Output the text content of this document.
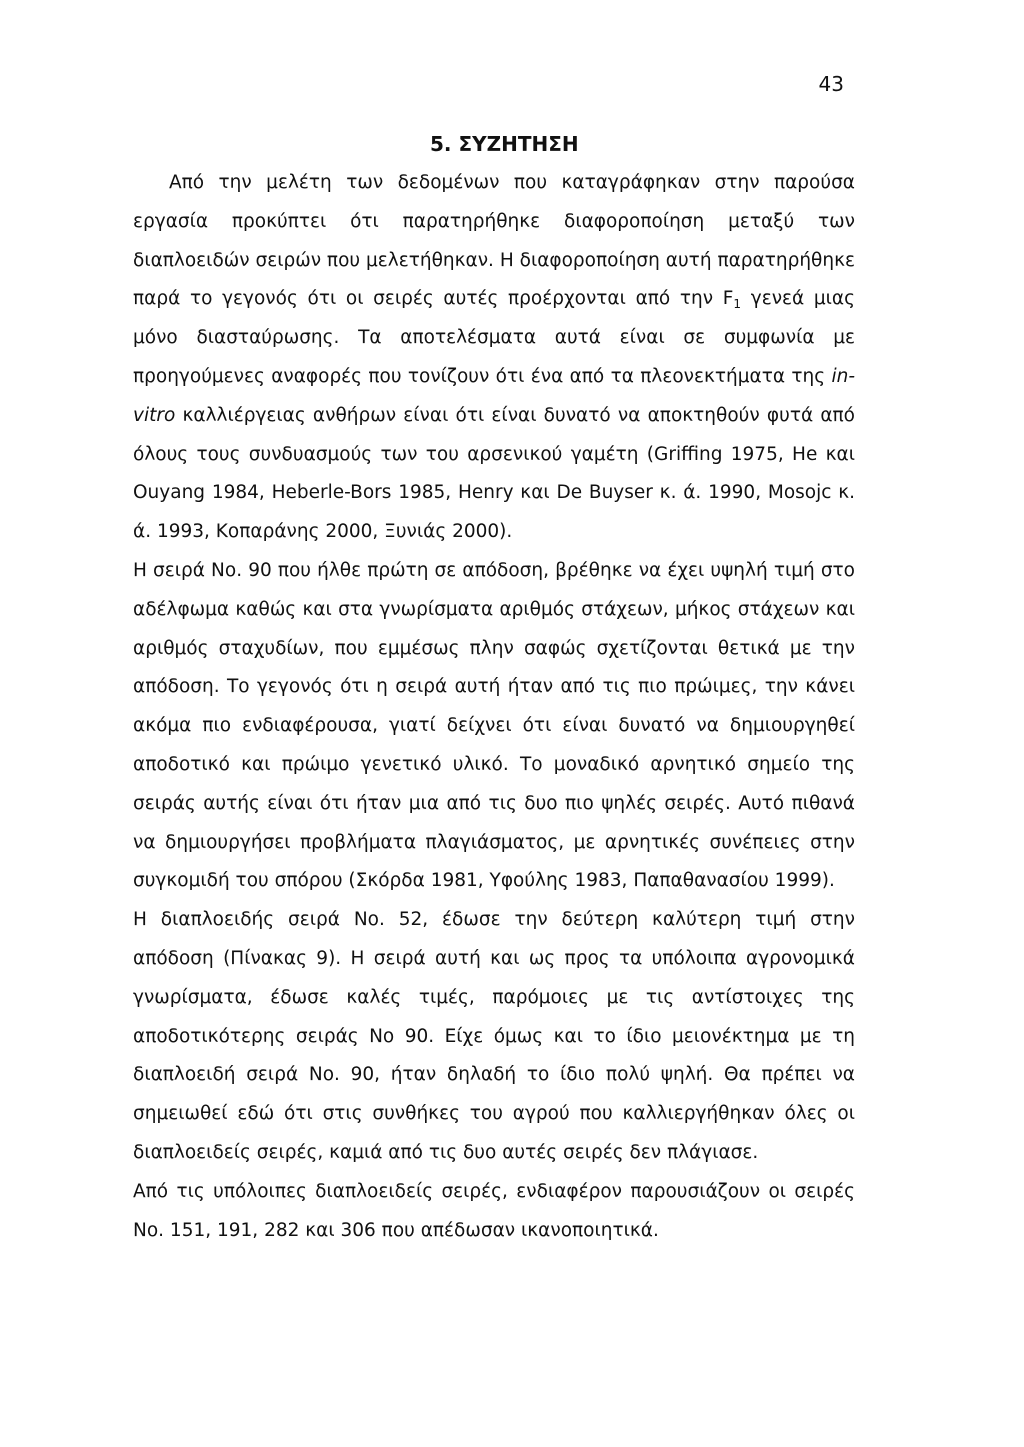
43
5. ΣΥΖΗΤΗΣΗ

Από την μελέτη των δεδομένων που καταγράφηκαν στην παρούσα εργασία προκύπτει ότι παρατηρήθηκε διαφοροποίηση μεταξύ των διαπλοειδών σειρών που μελετήθηκαν. Η διαφοροποίηση αυτή παρατηρήθηκε παρά το γεγονός ότι οι σειρές αυτές προέρχονται από την $F_1$ γενεά μιας μόνο διασταύρωσης. Τα αποτελέσματα αυτά είναι σε συμφωνία με προηγούμενες αναφορές που τονίζουν ότι ένα από τα πλεονεκτήματα της in-vitro καλλιέργειας ανθήρων είναι ότι είναι δυνατό να αποκτηθούν φυτά από όλους τους συνδυασμούς των του αρσενικού γαμέτη (Griffing 1975, He και Ouyang 1984, Heberle-Bors 1985, Henry και De Buyser κ. ά. 1990, Mosojc κ. ά. 1993, Κοπαράνης 2000, Ξυνιάς 2000).

Η σειρά Νο. 90 που ήλθε πρώτη σε απόδοση, βρέθηκε να έχει υψηλή τιμή στο αδέλφωμα καθώς και στα γνωρίσματα αριθμός στάχεων, μήκος στάχεων και αριθμός σταχυδίων, που εμμέσως πλην σαφώς σχετίζονται θετικά με την απόδοση. Το γεγονός ότι η σειρά αυτή ήταν από τις πιο πρώιμες, την κάνει ακόμα πιο ενδιαφέρουσα, γιατί δείχνει ότι είναι δυνατό να δημιουργηθεί αποδοτικό και πρώιμο γενετικό υλικό. Το μοναδικό αρνητικό σημείο της σειράς αυτής είναι ότι ήταν μια από τις δυο πιο ψηλές σειρές. Αυτό πιθανά να δημιουργήσει προβλήματα πλαγιάσματος, με αρνητικές συνέπειες στην συγκομιδή του σπόρου (Σκόρδα 1981, Υφούλης 1983, Παπαθανασίου 1999).

Η διαπλοειδής σειρά Νο. 52, έδωσε την δεύτερη καλύτερη τιμή στην απόδοση (Πίνακας 9). Η σειρά αυτή και ως προς τα υπόλοιπα αγρονομικά γνωρίσματα, έδωσε καλές τιμές, παρόμοιες με τις αντίστοιχες της αποδοτικότερης σειράς Νο 90. Είχε όμως και το ίδιο μειονέκτημα με τη διαπλοειδή σειρά Νο. 90, ήταν δηλαδή το ίδιο πολύ ψηλή. Θα πρέπει να σημειωθεί εδώ ότι στις συνθήκες του αγρού που καλλιεργήθηκαν όλες οι διαπλοειδείς σειρές, καμιά από τις δυο αυτές σειρές δεν πλάγιασε.

Από τις υπόλοιπες διαπλοειδείς σειρές, ενδιαφέρον παρουσιάζουν οι σειρές Νο. 151, 191, 282 και 306 που απέδωσαν ικανοποιητικά.
